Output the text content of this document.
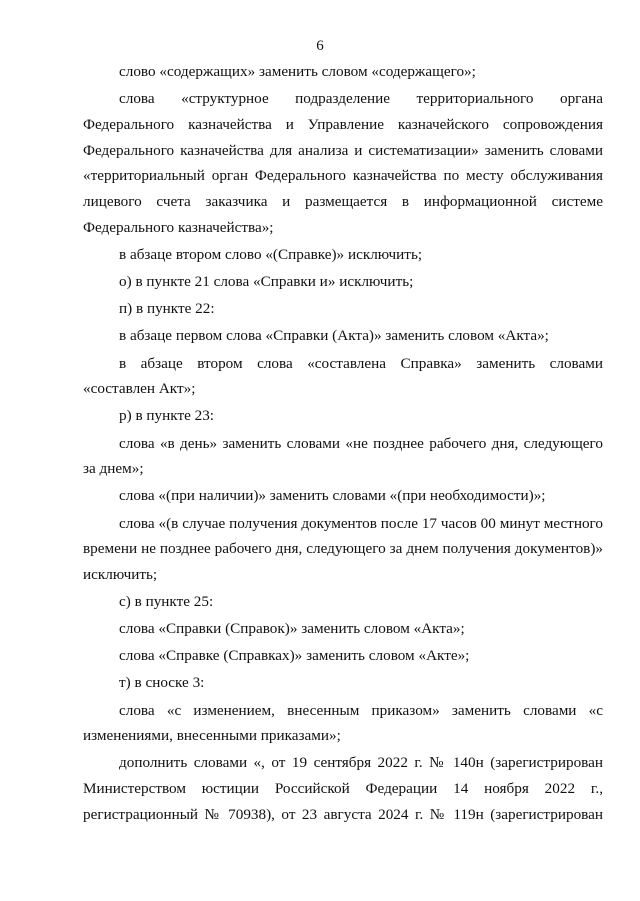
6

слово «содержащих» заменить словом «содержащего»;

слова «структурное подразделение территориального органа Федерального казначейства и Управление казначейского сопровождения Федерального казначейства для анализа и систематизации» заменить словами «территориальный орган Федерального казначейства по месту обслуживания лицевого счета заказчика и размещается в информационной системе Федерального казначейства»;

в абзаце втором слово «(Справке)» исключить;

о) в пункте 21 слова «Справки и» исключить;

п) в пункте 22:

в абзаце первом слова «Справки (Акта)» заменить словом «Акта»;

в абзаце втором слова «составлена Справка» заменить словами «составлен Акт»;

р) в пункте 23:

слова «в день» заменить словами «не позднее рабочего дня, следующего за днем»;

слова «(при наличии)» заменить словами «(при необходимости)»;

слова «(в случае получения документов после 17 часов 00 минут местного времени не позднее рабочего дня, следующего за днем получения документов)» исключить;

с) в пункте 25:

слова «Справки (Справок)» заменить словом «Акта»;

слова «Справке (Справках)» заменить словом «Акте»;

т) в сноске 3:

слова «с изменением, внесенным приказом» заменить словами «с изменениями, внесенными приказами»;

дополнить словами «, от 19 сентября 2022 г. № 140н (зарегистрирован Министерством юстиции Российской Федерации 14 ноября 2022 г., регистрационный № 70938), от 23 августа 2024 г. № 119н (зарегистрирован
